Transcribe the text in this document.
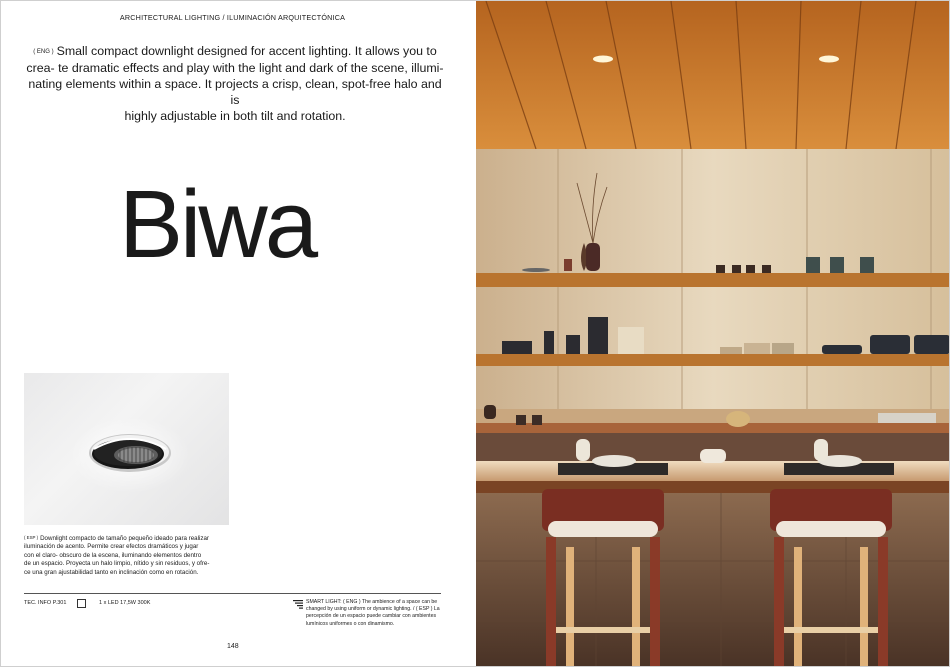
ARCHITECTURAL LIGHTING / ILUMINACIÓN ARQUITECTÓNICA
( ENG ) Small compact downlight designed for accent lighting. It allows you to
crea- te dramatic effects and play with the light and dark of the scene, illumi-
nating elements within a space. It projects a crisp, clean, spot-free halo and is
highly adjustable in both tilt and rotation.
Biwa
( ESP ) Downlight compacto de tamaño pequeño ideado para realizar
iluminación de acento. Permite crear efectos dramáticos y jugar
con el claro- obscuro de la escena, iluminando elementos dentro
de un espacio. Proyecta un halo limpio, nítido y sin residuos, y ofre-
ce una gran ajustabilidad tanto en inclinación como en rotación.
TEC. INFO P.301	1 x LED 17,5W 300K	SMART LIGHT: ( ENG ) The ambience of a space can be
changed by using uniform or dynamic lighting. / ( ESP ) La
percepción de un espacio puede cambiar con ambientes
lumínicos uniformes o con dinamismo.
148
